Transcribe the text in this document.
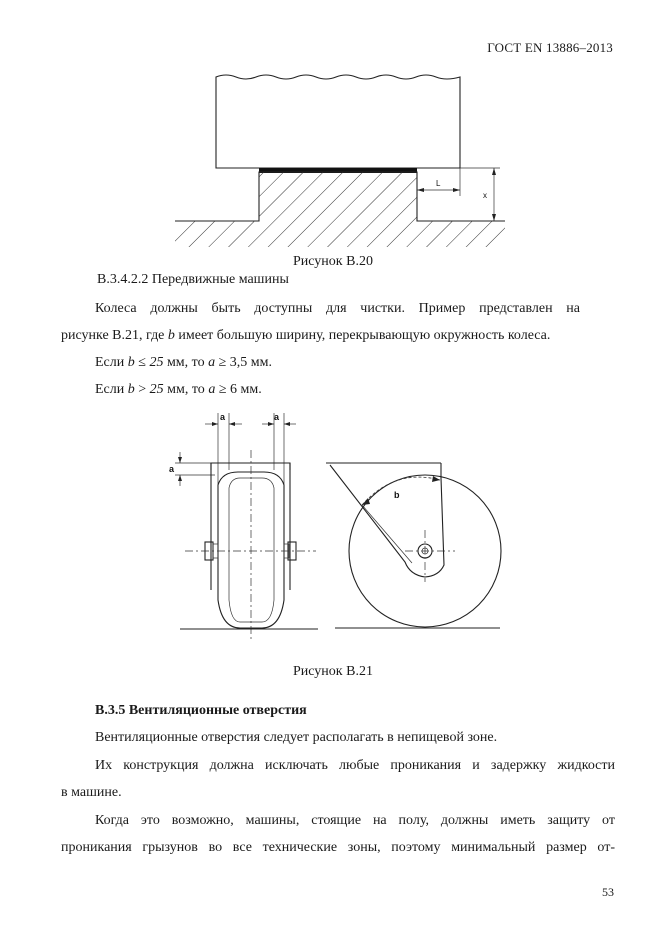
ГОСТ EN 13886–2013
L
x
Рисунок В.20
В.3.4.2.2 Передвижные машины
Колеса должны быть доступны для чистки. Пример представлен на
рисунке В.21, где b имеет большую ширину, перекрывающую окружность колеса.
Если b ≤ 25 мм, то a ≥ 3,5 мм.
Если b > 25 мм, то a ≥ 6 мм.
a	a
a
b
Рисунок В.21
В.3.5 Вентиляционные отверстия
Вентиляционные отверстия следует располагать в непищевой зоне.
Их конструкция должна исключать любые проникания и задержку жидкости
в машине.
Когда это возможно, машины, стоящие на полу, должны иметь защиту от
проникания грызунов во все технические зоны, поэтому минимальный размер от-
53
